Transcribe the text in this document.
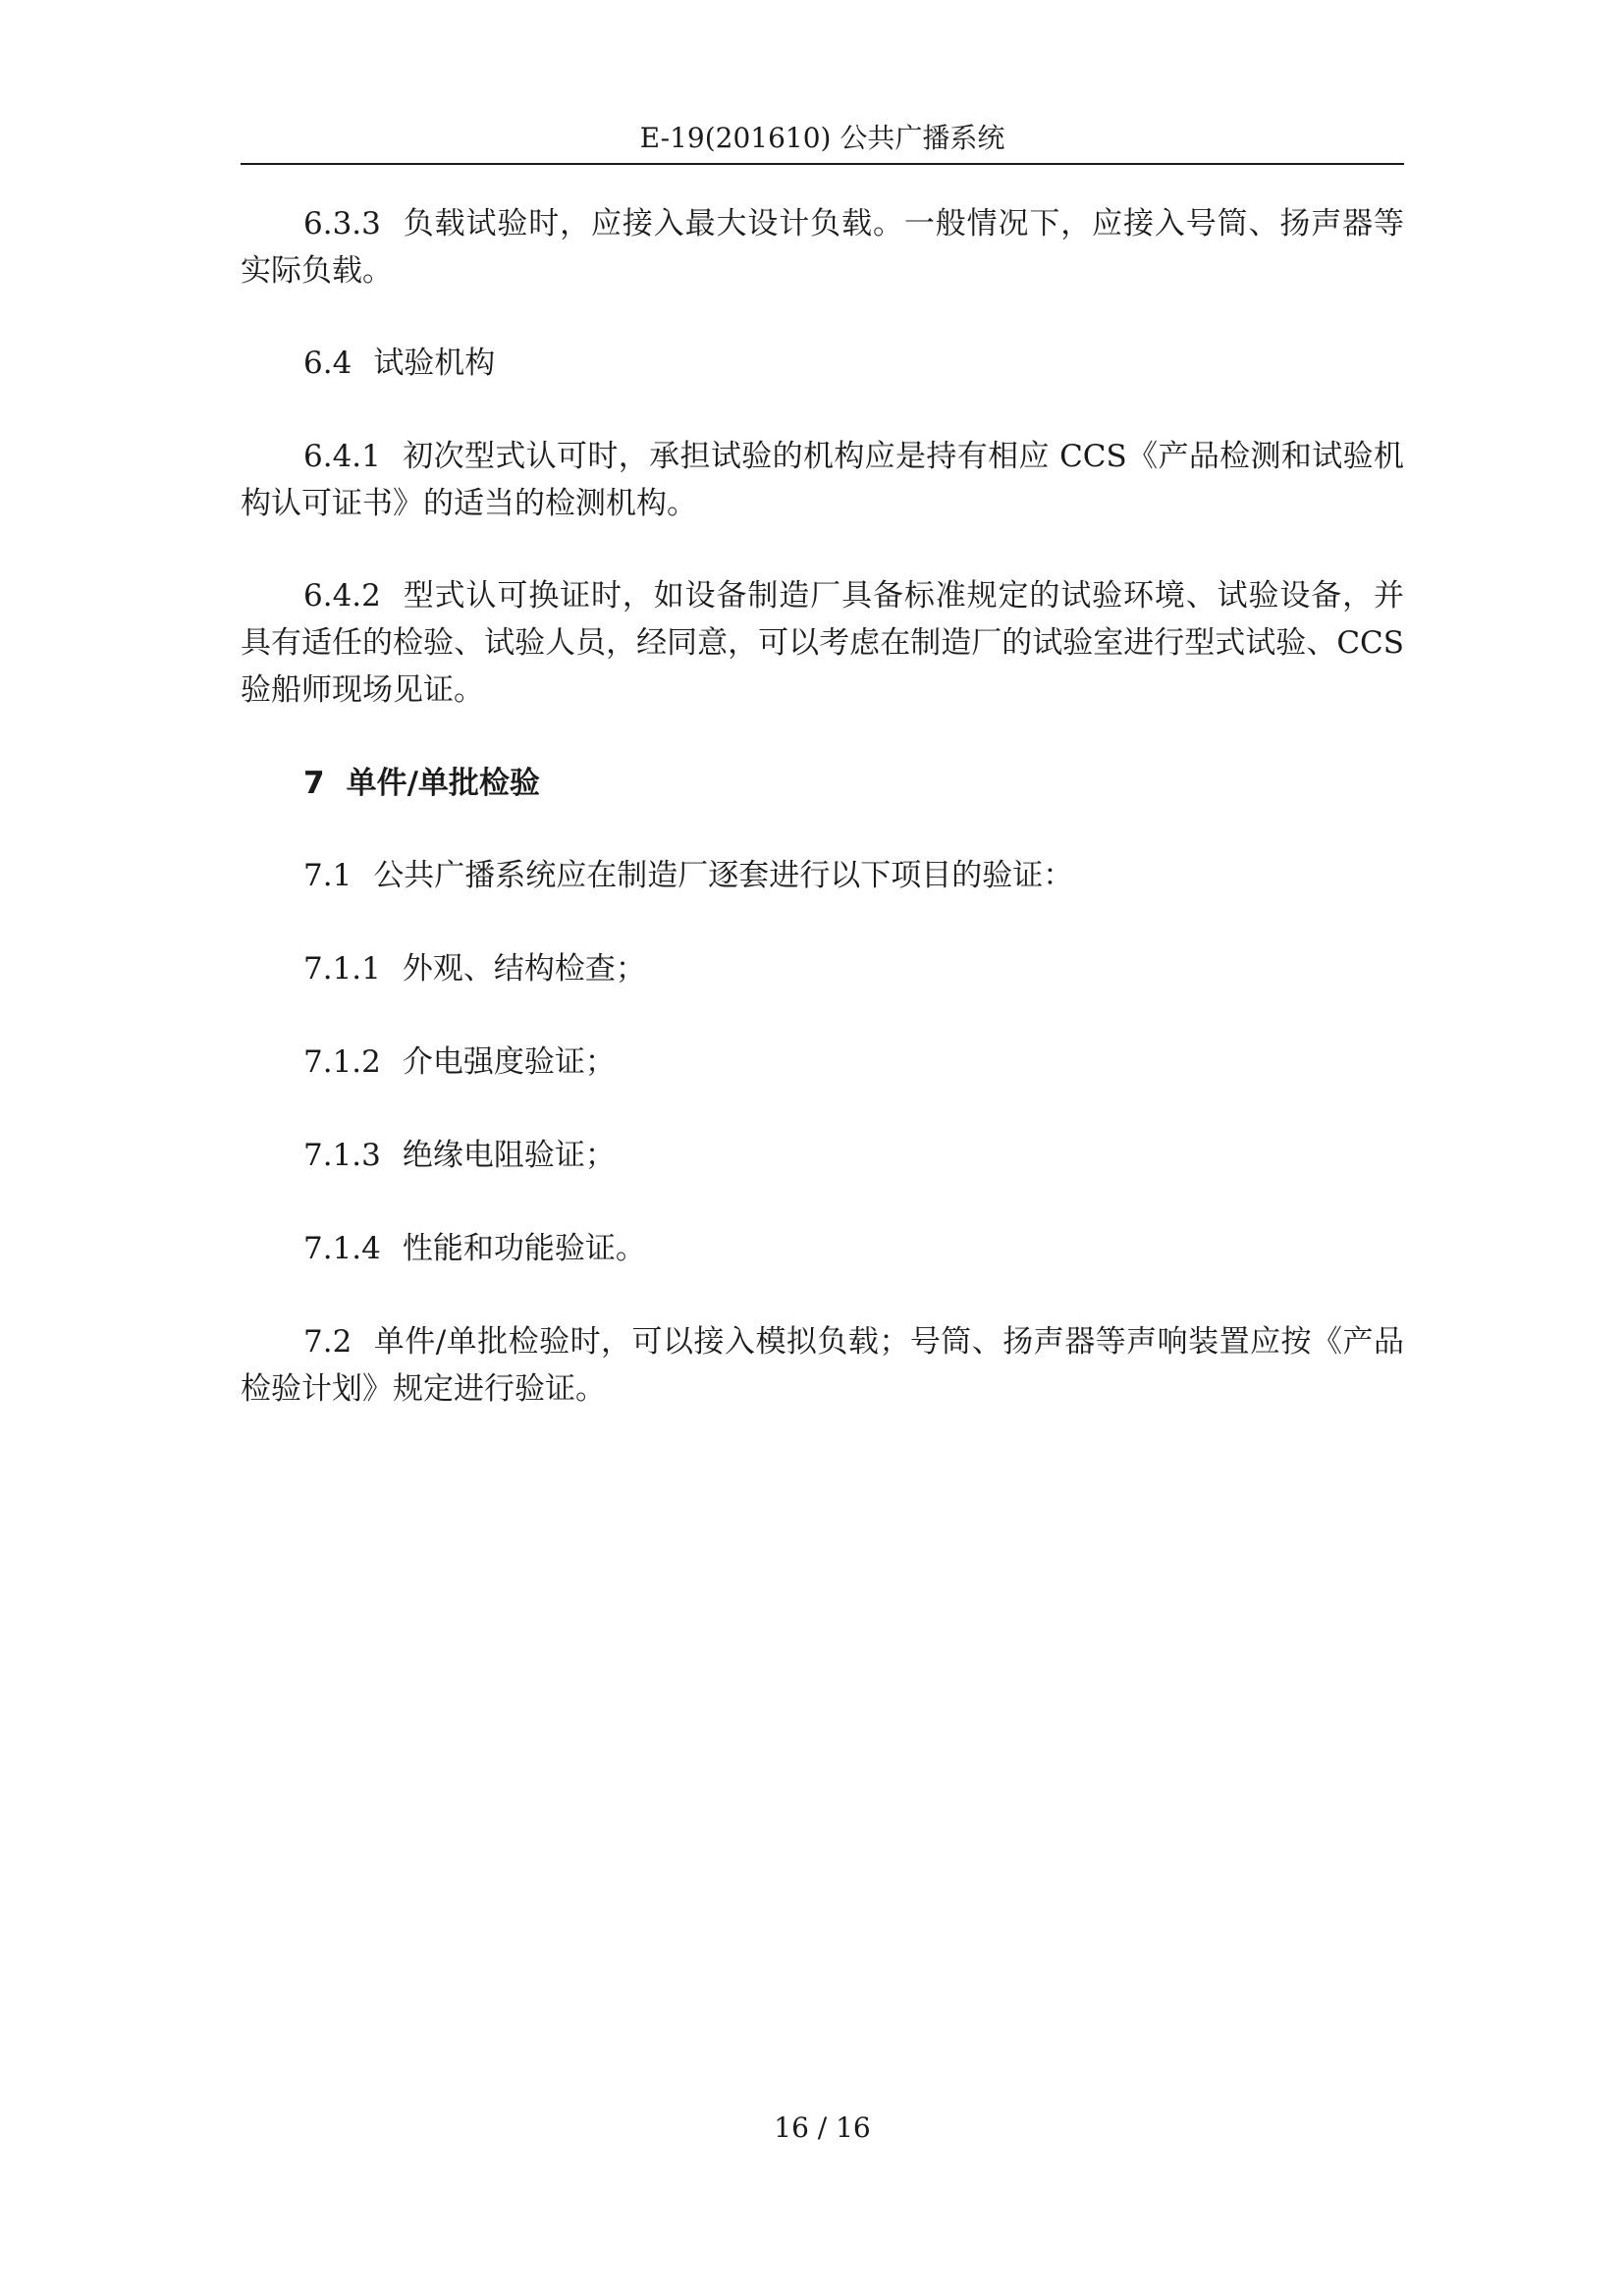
E-19(201610) 公共广播系统

6.3.3 负载试验时，应接入最大设计负载。一般情况下，应接入号筒、扬声器等实际负载。

6.4 试验机构

6.4.1 初次型式认可时，承担试验的机构应是持有相应 CCS《产品检测和试验机构认可证书》的适当的检测机构。

6.4.2 型式认可换证时，如设备制造厂具备标准规定的试验环境、试验设备，并具有适任的检验、试验人员，经同意，可以考虑在制造厂的试验室进行型式试验、CCS 验船师现场见证。

7 单件/单批检验

7.1 公共广播系统应在制造厂逐套进行以下项目的验证：

7.1.1 外观、结构检查；

7.1.2 介电强度验证；

7.1.3 绝缘电阻验证；

7.1.4 性能和功能验证。

7.2 单件/单批检验时，可以接入模拟负载；号筒、扬声器等声响装置应按《产品检验计划》规定进行验证。

16 / 16
